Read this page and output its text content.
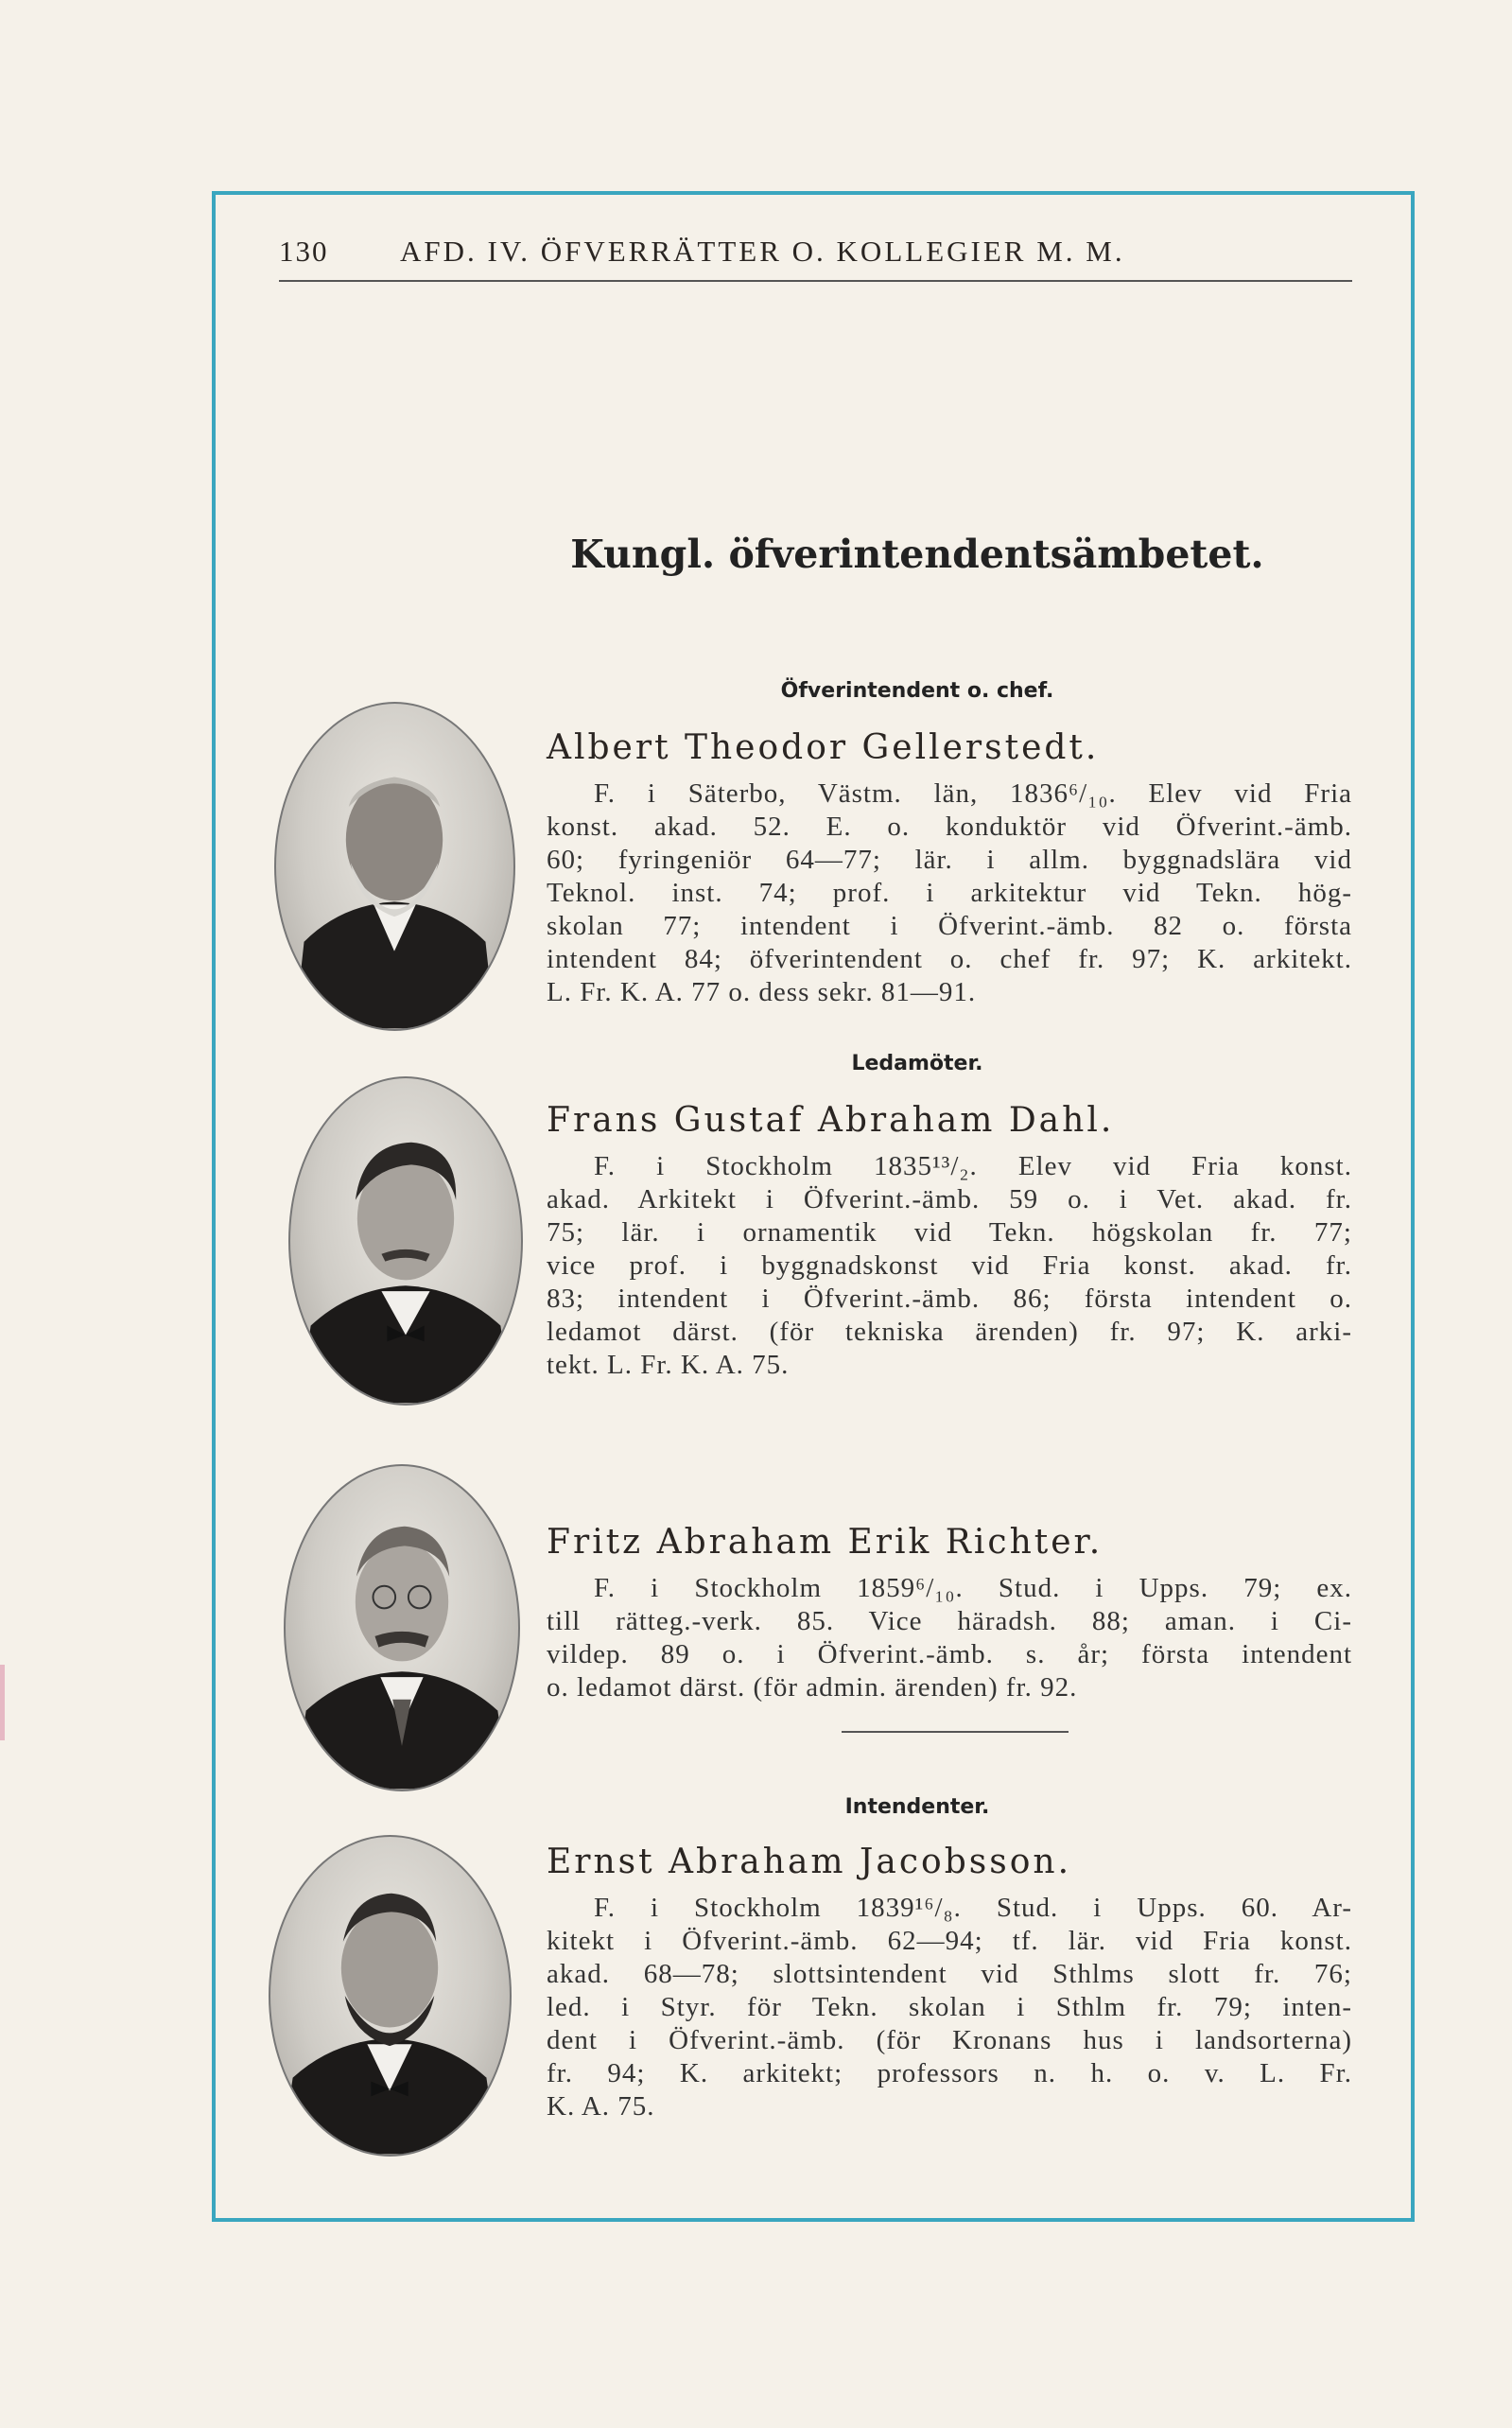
130 AFD. IV. ÖFVERRÄTTER O. KOLLEGIER M. M.
Kungl. öfverintendentsämbetet.
Öfverintendent o. chef.
Albert Theodor Gellerstedt.
F. i Säterbo, Västm. län, 1836⁶/₁₀. Elev vid Fria
konst. akad. 52. E. o. konduktör vid Öfverint.-ämb.
60; fyringeniör 64—77; lär. i allm. byggnadslära vid
Teknol. inst. 74; prof. i arkitektur vid Tekn. hög-
skolan 77; intendent i Öfverint.-ämb. 82 o. första
intendent 84; öfverintendent o. chef fr. 97; K. arkitekt.
L. Fr. K. A. 77 o. dess sekr. 81—91.
Ledamöter.
Frans Gustaf Abraham Dahl.
F. i Stockholm 1835¹³/₂. Elev vid Fria konst.
akad. Arkitekt i Öfverint.-ämb. 59 o. i Vet. akad. fr.
75; lär. i ornamentik vid Tekn. högskolan fr. 77;
vice prof. i byggnadskonst vid Fria konst. akad. fr.
83; intendent i Öfverint.-ämb. 86; första intendent o.
ledamot därst. (för tekniska ärenden) fr. 97; K. arki-
tekt. L. Fr. K. A. 75.
Fritz Abraham Erik Richter.
F. i Stockholm 1859⁶/₁₀. Stud. i Upps. 79; ex.
till rätteg.-verk. 85. Vice häradsh. 88; aman. i Ci-
vildep. 89 o. i Öfverint.-ämb. s. år; första intendent
o. ledamot därst. (för admin. ärenden) fr. 92.
Intendenter.
Ernst Abraham Jacobsson.
F. i Stockholm 1839¹⁶/₈. Stud. i Upps. 60. Ar-
kitekt i Öfverint.-ämb. 62—94; tf. lär. vid Fria konst.
akad. 68—78; slottsintendent vid Sthlms slott fr. 76;
led. i Styr. för Tekn. skolan i Sthlm fr. 79; inten-
dent i Öfverint.-ämb. (för Kronans hus i landsorterna)
fr. 94; K. arkitekt; professors n. h. o. v. L. Fr.
K. A. 75.
